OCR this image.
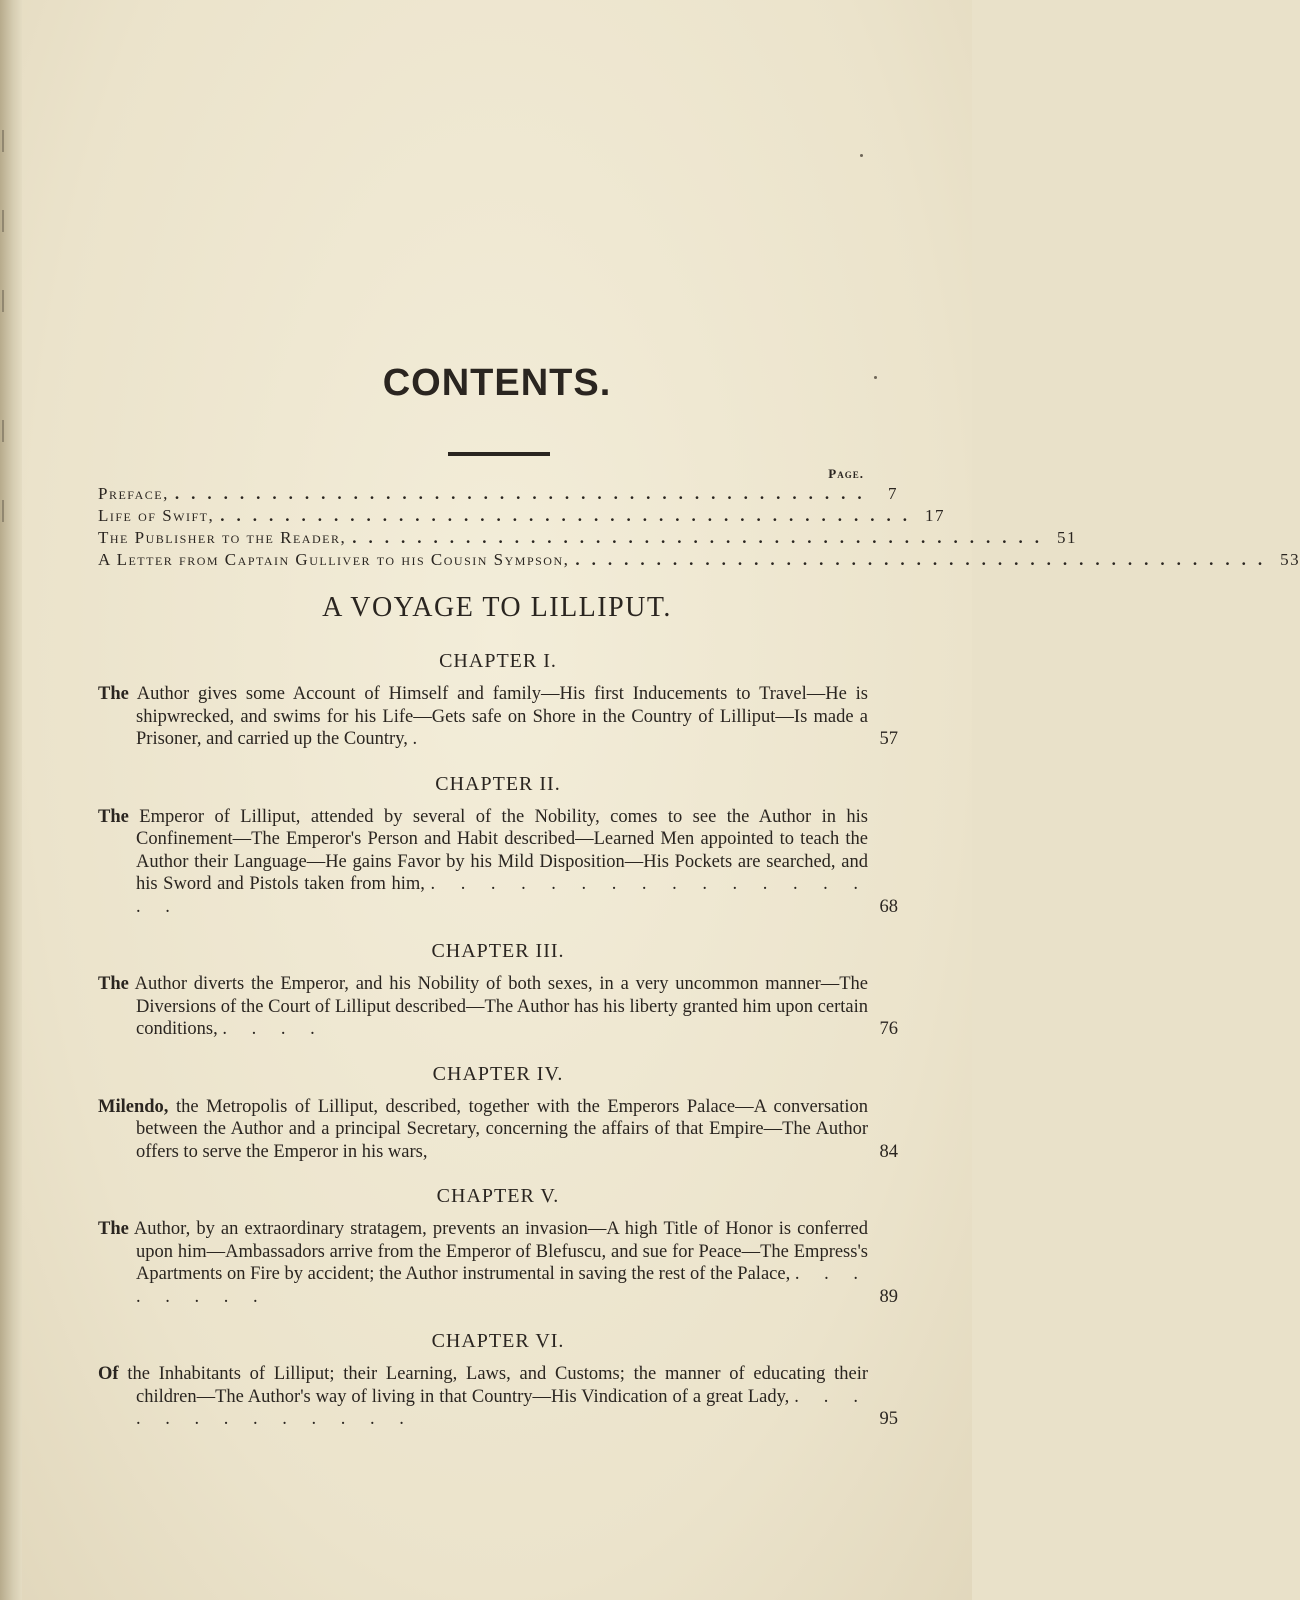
CONTENTS.
Page.
Preface, ........................................... 7
Life of Swift, ........................................... 17
The Publisher to the Reader, ........................................... 51
A Letter from Captain Gulliver to his Cousin Sympson, ........................................... 53
A VOYAGE TO LILLIPUT.
CHAPTER I.
The Author gives some Account of Himself and family—His first Inducements to Travel—He is shipwrecked, and swims for his Life—Gets safe on Shore in the Country of Lilliput—Is made a Prisoner, and carried up the Country, .	57
CHAPTER II.
The Emperor of Lilliput, attended by several of the Nobility, comes to see the Author in his Confinement—The Emperor's Person and Habit described—Learned Men appointed to teach the Author their Language—He gains Favor by his Mild Disposition—His Pockets are searched, and his Sword and Pistols taken from him, . . . . . . . . . . . . . . . . .	68
CHAPTER III.
The Author diverts the Emperor, and his Nobility of both sexes, in a very uncommon manner—The Diversions of the Court of Lilliput described—The Author has his liberty granted him upon certain conditions, . . . .	76
CHAPTER IV.
Milendo, the Metropolis of Lilliput, described, together with the Emperors Palace—A conversation between the Author and a principal Secretary, concerning the affairs of that Empire—The Author offers to serve the Emperor in his wars,	84
CHAPTER V.
The Author, by an extraordinary stratagem, prevents an invasion—A high Title of Honor is conferred upon him—Ambassadors arrive from the Emperor of Blefuscu, and sue for Peace—The Empress's Apartments on Fire by accident; the Author instrumental in saving the rest of the Palace, . . . . . . . .	89
CHAPTER VI.
Of the Inhabitants of Lilliput; their Learning, Laws, and Customs; the manner of educating their children—The Author's way of living in that Country—His Vindication of a great Lady, . . . . . . . . . . . . .	95
